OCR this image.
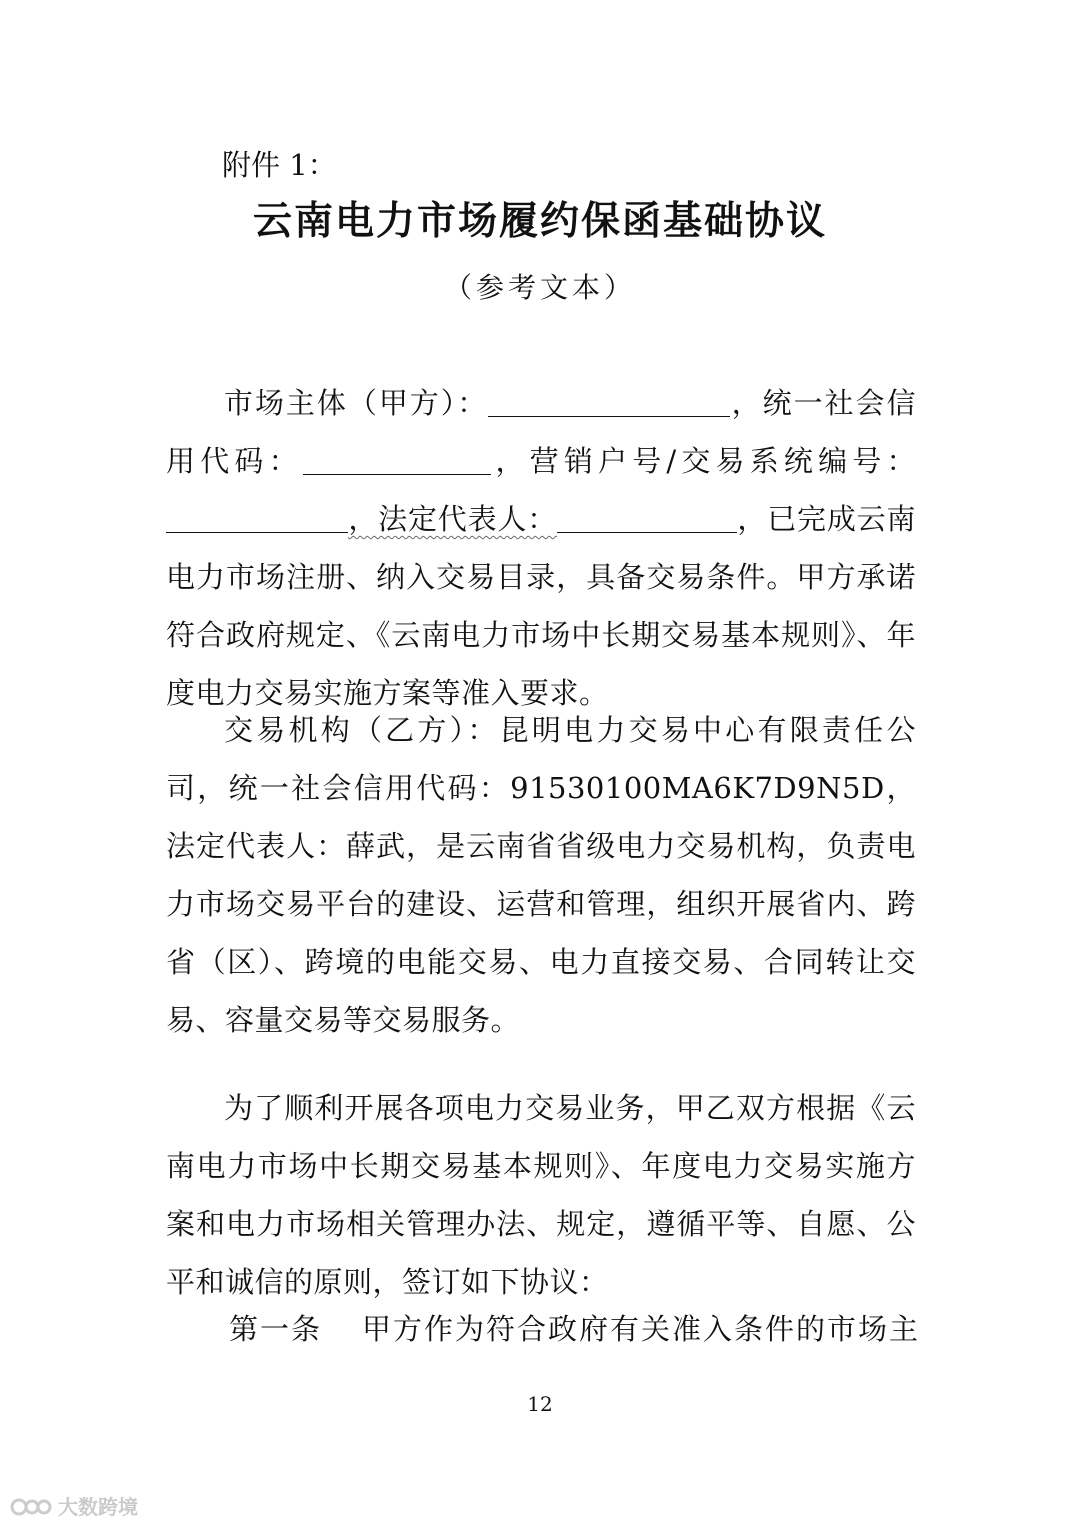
附件 1：
云南电力市场履约保函基础协议
（参考文本）
市场主体（甲方）：	，统一社会信用代码：	，营销户号/交易系统编号：，法定代表人：	，已完成云南电力市场注册、纳入交易目录，具备交易条件。甲方承诺符合政府规定、《云南电力市场中长期交易基本规则》、年度电力交易实施方案等准入要求。
交易机构（乙方）：昆明电力交易中心有限责任公司，统一社会信用代码：91530100MA6K7D9N5D，法定代表人：薛武，是云南省省级电力交易机构，负责电力市场交易平台的建设、运营和管理，组织开展省内、跨省（区）、跨境的电能交易、电力直接交易、合同转让交易、容量交易等交易服务。
为了顺利开展各项电力交易业务，甲乙双方根据《云南电力市场中长期交易基本规则》、年度电力交易实施方案和电力市场相关管理办法、规定，遵循平等、自愿、公平和诚信的原则，签订如下协议：
第一条 甲方作为符合政府有关准入条件的市场主
12
大数跨境
